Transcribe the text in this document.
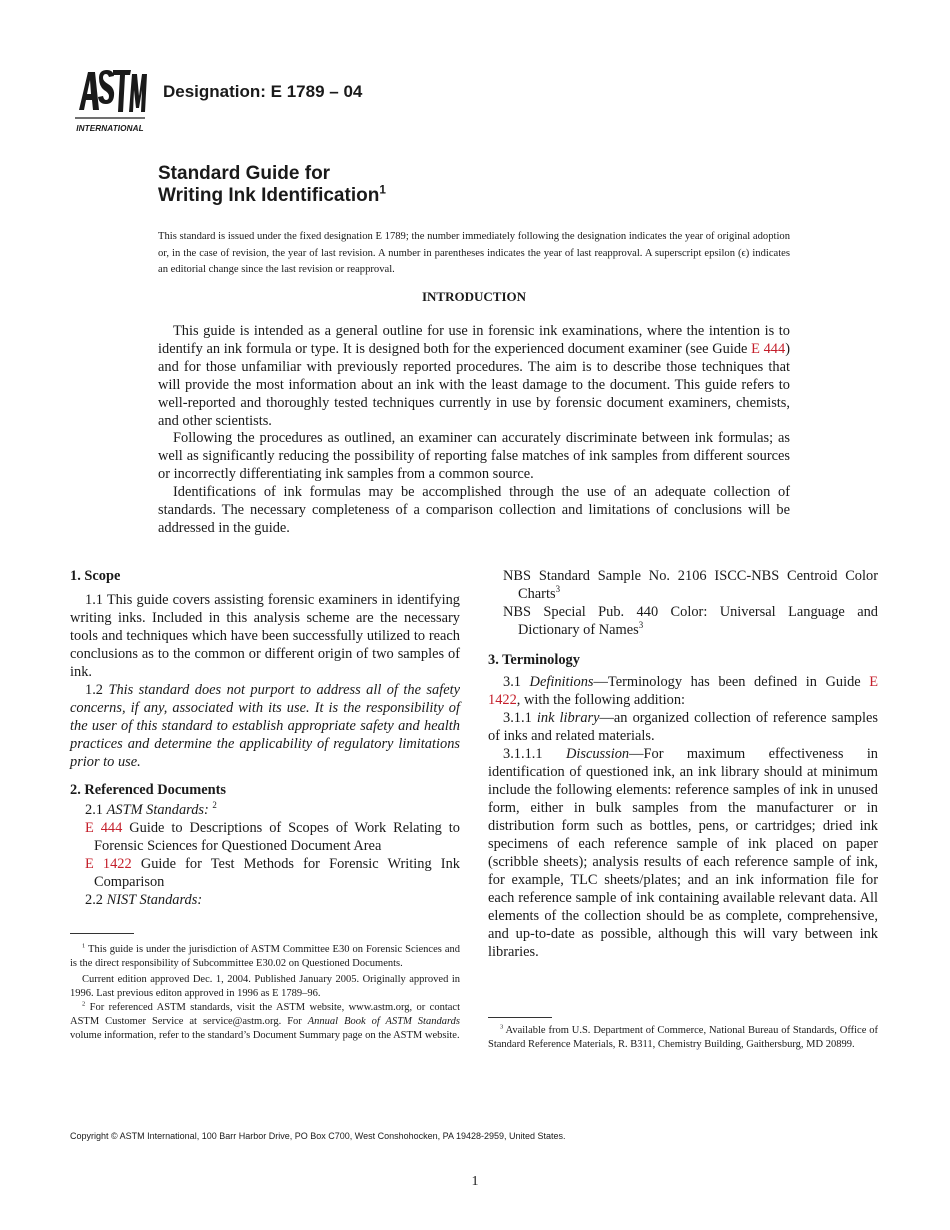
INTERNATIONAL
Designation: E 1789 – 04
Standard Guide for
Writing Ink Identification$^1$
This standard is issued under the fixed designation E 1789; the number immediately following the designation indicates the year of original adoption or, in the case of revision, the year of last revision. A number in parentheses indicates the year of last reapproval. A superscript epsilon (ϵ) indicates an editorial change since the last revision or reapproval.
INTRODUCTION

This guide is intended as a general outline for use in forensic ink examinations, where the intention is to identify an ink formula or type. It is designed both for the experienced document examiner (see Guide E 444) and for those unfamiliar with previously reported procedures. The aim is to describe those techniques that will provide the most information about an ink with the least damage to the document. This guide refers to well-reported and thoroughly tested techniques currently in use by forensic document examiners, chemists, and other scientists.

Following the procedures as outlined, an examiner can accurately discriminate between ink formulas; as well as significantly reducing the possibility of reporting false matches of ink samples from different sources or incorrectly differentiating ink samples from a common source.

Identifications of ink formulas may be accomplished through the use of an adequate collection of standards. The necessary completeness of a comparison collection and limitations of conclusions will be addressed in the guide.

1. Scope

1.1 This guide covers assisting forensic examiners in identifying writing inks. Included in this analysis scheme are the necessary tools and techniques which have been successfully utilized to reach conclusions as to the common or different origin of two samples of ink.

1.2 This standard does not purport to address all of the safety concerns, if any, associated with its use. It is the responsibility of the user of this standard to establish appropriate safety and health practices and determine the applicability of regulatory limitations prior to use.

2. Referenced Documents

2.1 ASTM Standards: $^2$

E 444 Guide to Descriptions of Scopes of Work Relating to Forensic Sciences for Questioned Document Area

E 1422 Guide for Test Methods for Forensic Writing Ink Comparison

2.2 NIST Standards:

$^1$ This guide is under the jurisdiction of ASTM Committee E30 on Forensic Sciences and is the direct responsibility of Subcommittee E30.02 on Questioned Documents.

Current edition approved Dec. 1, 2004. Published January 2005. Originally approved in 1996. Last previous editon approved in 1996 as E 1789–96.

$^2$ For referenced ASTM standards, visit the ASTM website, www.astm.org, or contact ASTM Customer Service at service@astm.org. For Annual Book of ASTM Standards volume information, refer to the standard’s Document Summary page on the ASTM website.

NBS Standard Sample No. 2106 ISCC-NBS Centroid Color Charts$^3$

NBS Special Pub. 440 Color: Universal Language and Dictionary of Names$^3$

3. Terminology

3.1 Definitions—Terminology has been defined in Guide E 1422, with the following addition:

3.1.1 ink library—an organized collection of reference samples of inks and related materials.

3.1.1.1 Discussion—For maximum effectiveness in identification of questioned ink, an ink library should at minimum include the following elements: reference samples of ink in unused form, either in bulk samples from the manufacturer or in distribution form such as bottles, pens, or cartridges; dried ink specimens of each reference sample of ink placed on paper (scribble sheets); analysis results of each reference sample of ink, for example, TLC sheets/plates; and an ink information file for each reference sample of ink containing available relevant data. All elements of the collection should be as complete, comprehensive, and up-to-date as possible, although this will vary between ink libraries.

$^3$ Available from U.S. Department of Commerce, National Bureau of Standards, Office of Standard Reference Materials, R. B311, Chemistry Building, Gaithersburg, MD 20899.

Copyright © ASTM International, 100 Barr Harbor Drive, PO Box C700, West Conshohocken, PA 19428-2959, United States.
1
